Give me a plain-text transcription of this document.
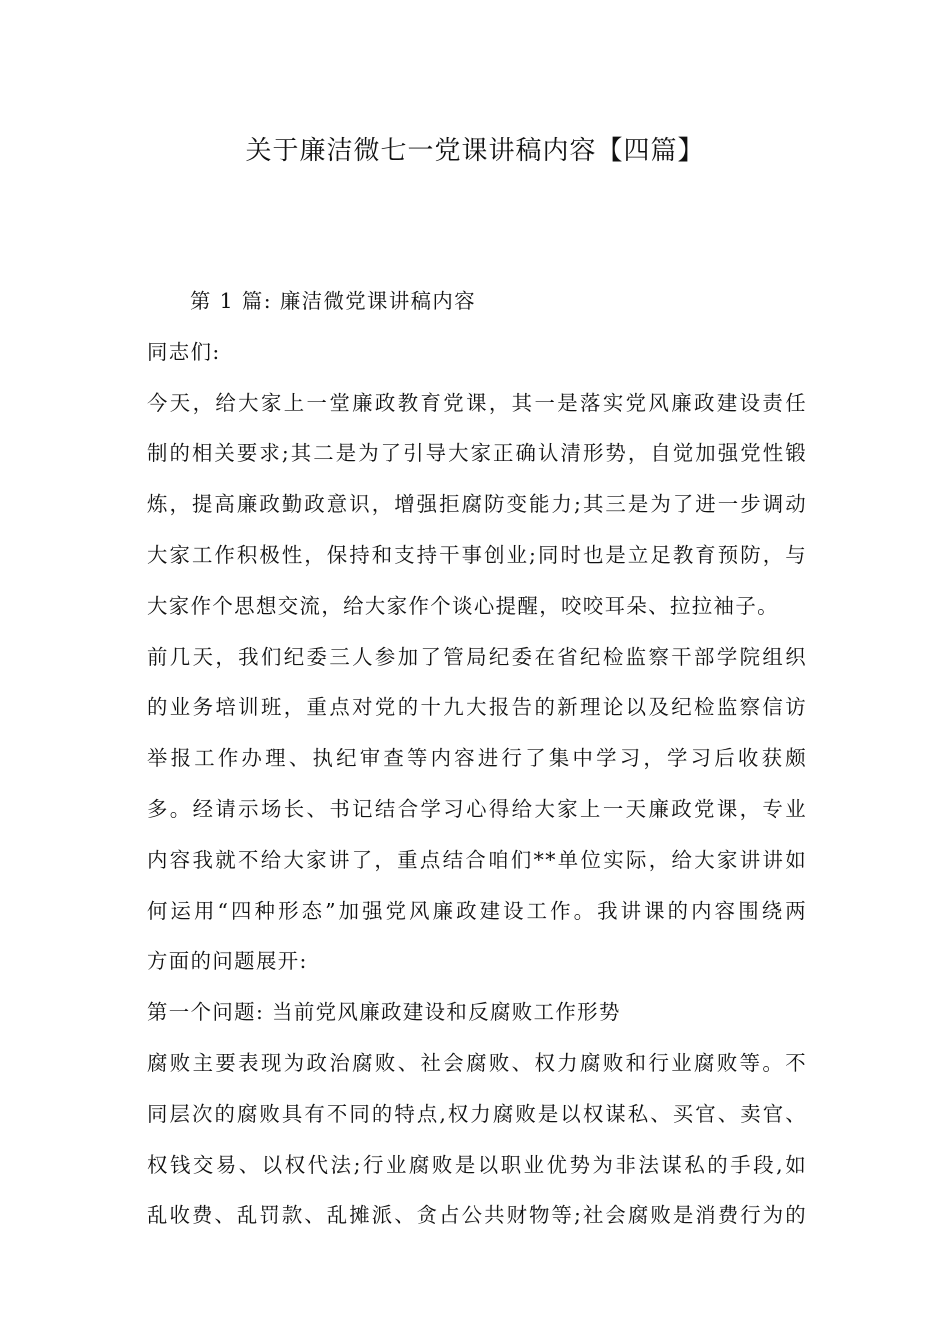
关于廉洁微七一党课讲稿内容【四篇】
第 1 篇: 廉洁微党课讲稿内容
同志们:
今天，给大家上一堂廉政教育党课，其一是落实党风廉政建设责任
制的相关要求;其二是为了引导大家正确认清形势，自觉加强党性锻
炼，提高廉政勤政意识，增强拒腐防变能力;其三是为了进一步调动
大家工作积极性，保持和支持干事创业;同时也是立足教育预防，与
大家作个思想交流，给大家作个谈心提醒，咬咬耳朵、拉拉袖子。
前几天，我们纪委三人参加了管局纪委在省纪检监察干部学院组织
的业务培训班，重点对党的十九大报告的新理论以及纪检监察信访
举报工作办理、执纪审查等内容进行了集中学习，学习后收获颇
多。经请示场长、书记结合学习心得给大家上一天廉政党课，专业
内容我就不给大家讲了，重点结合咱们**单位实际，给大家讲讲如
何运用“四种形态”加强党风廉政建设工作。我讲课的内容围绕两
方面的问题展开:
第一个问题: 当前党风廉政建设和反腐败工作形势
腐败主要表现为政治腐败、社会腐败、权力腐败和行业腐败等。不
同层次的腐败具有不同的特点,权力腐败是以权谋私、买官、卖官、
权钱交易、以权代法;行业腐败是以职业优势为非法谋私的手段,如
乱收费、乱罚款、乱摊派、贪占公共财物等;社会腐败是消费行为的
